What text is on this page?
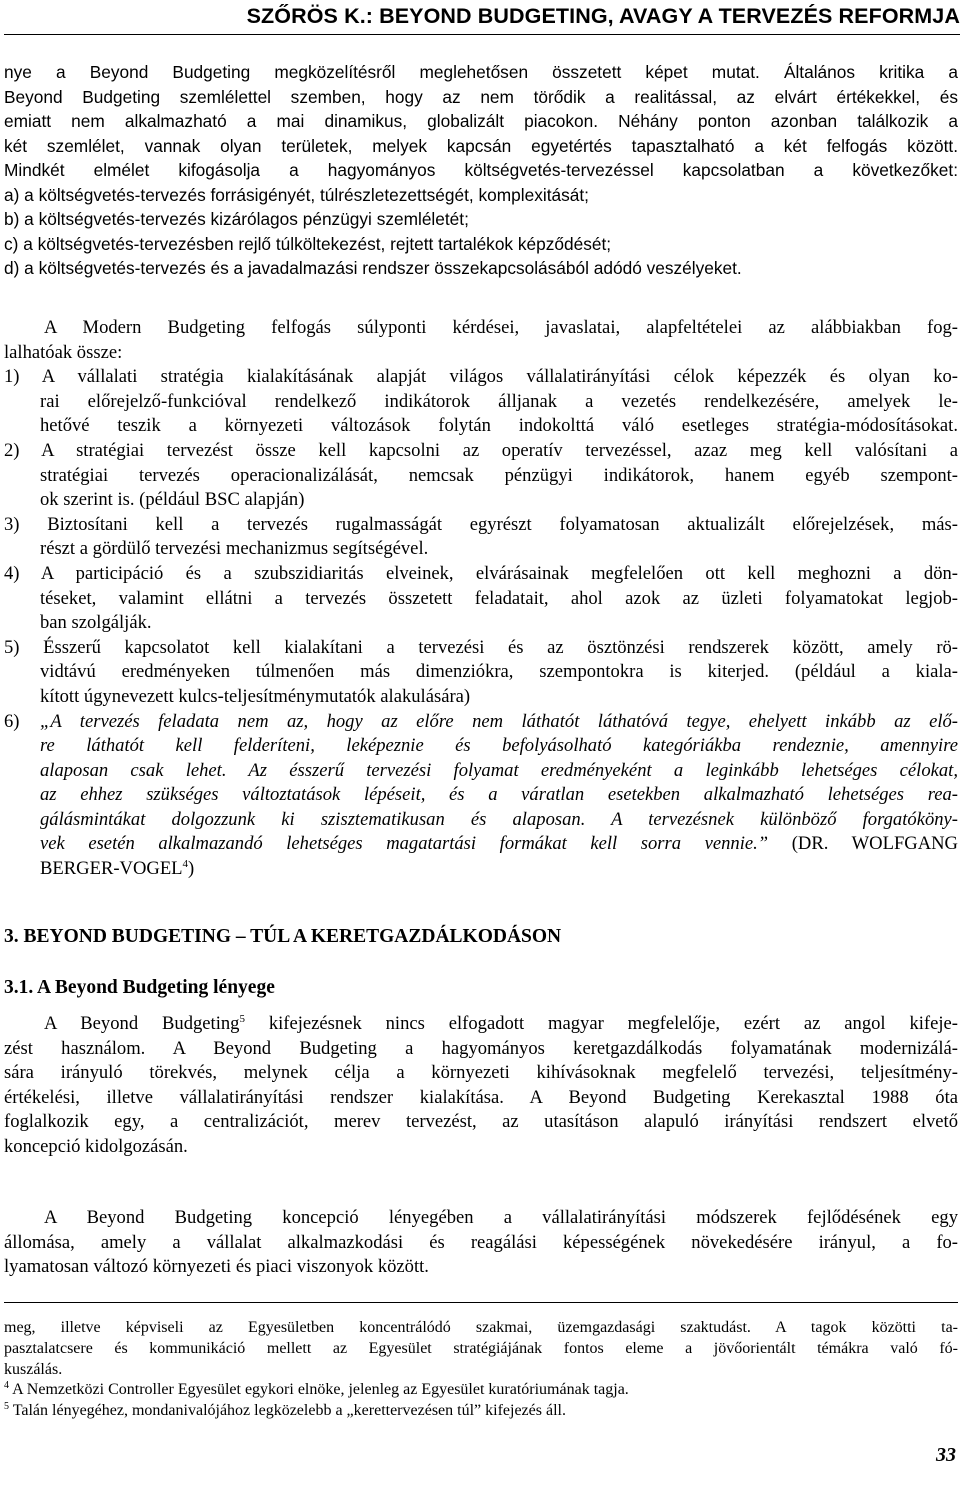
SZŐRÖS K.: BEYOND BUDGETING, AVAGY A TERVEZÉS REFORMJA
nye a Beyond Budgeting megközelítésről meglehetősen összetett képet mutat. Általános kritika a
Beyond Budgeting szemlélettel szemben, hogy az nem törődik a realitással, az elvárt értékekkel, és
emiatt nem alkalmazható a mai dinamikus, globalizált piacokon. Néhány ponton azonban találkozik a
két szemlélet, vannak olyan területek, melyek kapcsán egyetértés tapasztalható a két felfogás között.
Mindkét elmélet kifogásolja a hagyományos költségvetés-tervezéssel kapcsolatban a következőket:
a) a költségvetés-tervezés forrásigényét, túlrészletezettségét, komplexitását;
b) a költségvetés-tervezés kizárólagos pénzügyi szemléletét;
c) a költségvetés-tervezésben rejlő túlköltekezést, rejtett tartalékok képződését;
d) a költségvetés-tervezés és a javadalmazási rendszer összekapcsolásából adódó veszélyeket.
A Modern Budgeting felfogás súlyponti kérdései, javaslatai, alapfeltételei az alábbiakban fog-
lalhatóak össze:
1) A vállalati stratégia kialakításának alapját világos vállalatirányítási célok képezzék és olyan ko-
rai előrejelző-funkcióval rendelkező indikátorok álljanak a vezetés rendelkezésére, amelyek le-
hetővé teszik a környezeti változások folytán indokolttá váló esetleges stratégia-módosításokat.
2) A stratégiai tervezést össze kell kapcsolni az operatív tervezéssel, azaz meg kell valósítani a
stratégiai tervezés operacionalizálását, nemcsak pénzügyi indikátorok, hanem egyéb szempont-
ok szerint is. (például BSC alapján)
3) Biztosítani kell a tervezés rugalmasságát egyrészt folyamatosan aktualizált előrejelzések, más-
részt a gördülő tervezési mechanizmus segítségével.
4) A participáció és a szubszidiaritás elveinek, elvárásainak megfelelően ott kell meghozni a dön-
téseket, valamint ellátni a tervezés összetett feladatait, ahol azok az üzleti folyamatokat legjob-
ban szolgálják.
5) Ésszerű kapcsolatot kell kialakítani a tervezési és az ösztönzési rendszerek között, amely rö-
vidtávú eredményeken túlmenően más dimenziókra, szempontokra is kiterjed. (például a kiala-
kított úgynevezett kulcs-teljesítménymutatók alakulására)
6)	„A tervezés feladata nem az, hogy az előre nem láthatót láthatóvá tegye, ehelyett inkább az elő-
re láthatót kell felderíteni, leképeznie és befolyásolható kategóriákba rendeznie, amennyire
alaposan csak lehet. Az ésszerű tervezési folyamat eredményeként a leginkább lehetséges célokat,
az ehhez szükséges változtatások lépéseit, és a váratlan esetekben alkalmazható lehetséges rea-
gálásmintákat dolgozzunk ki szisztematikusan és alaposan. A tervezésnek különböző forgatóköny-
vek esetén alkalmazandó lehetséges magatartási formákat kell sorra vennie.” (DR. WOLFGANG
BERGER-VOGEL$^4$)
3. BEYOND BUDGETING – TÚL A KERETGAZDÁLKODÁSON
3.1. A Beyond Budgeting lényege
A Beyond Budgeting$^5$ kifejezésnek nincs elfogadott magyar megfelelője, ezért az angol kifeje-
zést használom. A Beyond Budgeting a hagyományos keretgazdálkodás folyamatának modernizálá-
sára irányuló törekvés, melynek célja a környezeti kihívásoknak megfelelő tervezési, teljesítmény-
értékelési, illetve vállalatirányítási rendszer kialakítása. A Beyond Budgeting Kerekasztal 1988 óta
foglalkozik egy, a centralizációt, merev tervezést, az utasításon alapuló irányítási rendszert elvető
koncepció kidolgozásán.
A Beyond Budgeting koncepció lényegében a vállalatirányítási módszerek fejlődésének egy
állomása, amely a vállalat alkalmazkodási és reagálási képességének növekedésére irányul, a fo-
lyamatosan változó környezeti és piaci viszonyok között.
meg, illetve képviseli az Egyesületben koncentrálódó szakmai, üzemgazdasági szaktudást. A tagok közötti ta-
pasztalatcsere és kommunikáció mellett az Egyesület stratégiájának fontos eleme a jövőorientált témákra való fó-
kuszálás.
$^4$ A Nemzetközi Controller Egyesület egykori elnöke, jelenleg az Egyesület kuratóriumának tagja.
$^5$ Talán lényegéhez, mondanivalójához legközelebb a „kerettervezésen túl” kifejezés áll.
33
